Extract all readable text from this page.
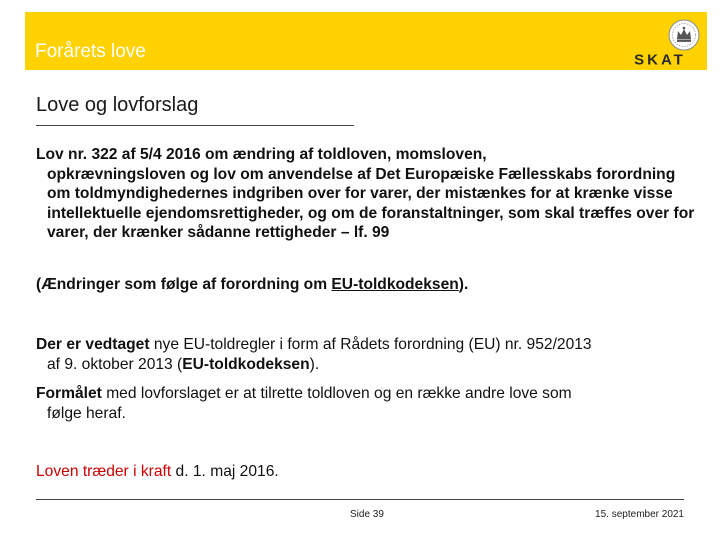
Forårets love	SKAT
Love og lovforslag
Lov nr. 322 af 5/4 2016 om ændring af toldloven, momsloven,
opkrævningsloven og lov om anvendelse af Det Europæiske Fællesskabs forordning om toldmyndighedernes indgriben over for varer, der mistænkes for at krænke visse intellektuelle ejendomsrettigheder, og om de foranstaltninger, som skal træffes over for varer, der krænker sådanne rettigheder – lf. 99
(Ændringer som følge af forordning om EU-toldkodeksen).
Der er vedtaget nye EU-toldregler i form af Rådets forordning (EU) nr. 952/2013
af 9. oktober 2013 (EU-toldkodeksen).
Formålet med lovforslaget er at tilrette toldloven og en række andre love som
følge heraf.
Loven træder i kraft d. 1. maj 2016.
Side 39	15. september 2021
